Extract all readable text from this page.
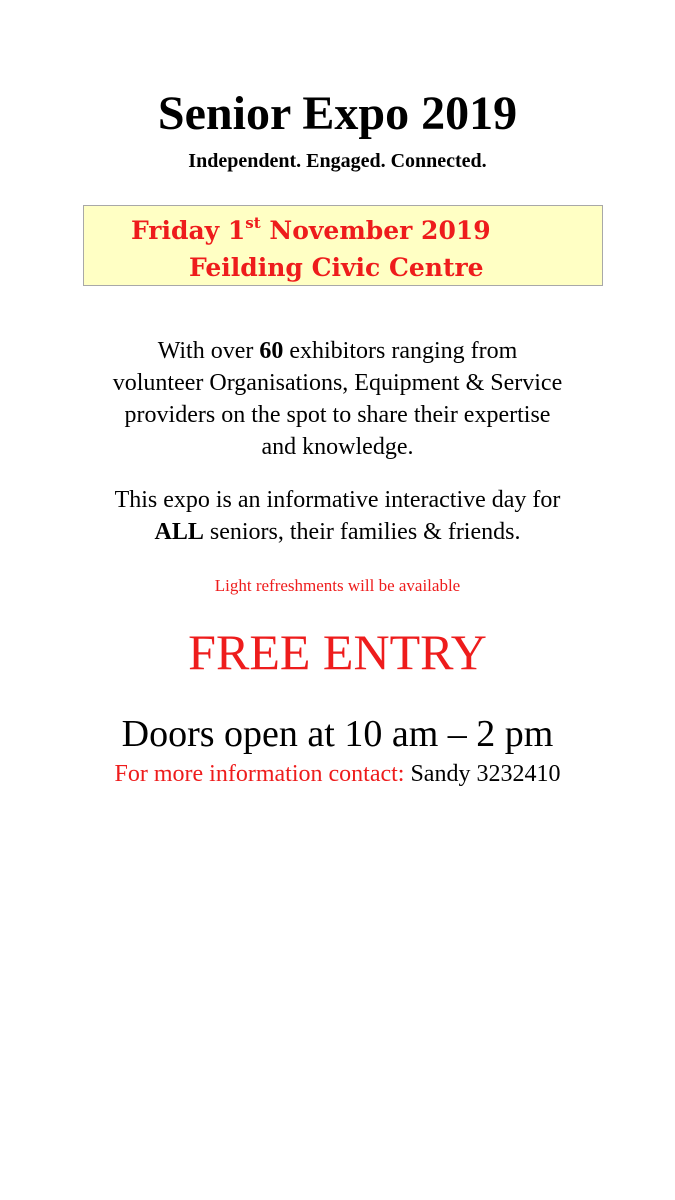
Senior Expo 2019
Independent. Engaged. Connected.
Friday 1st November 2019
Feilding Civic Centre
With over 60 exhibitors ranging from
volunteer Organisations, Equipment & Service
providers on the spot to share their expertise
and knowledge.
This expo is an informative interactive day for
ALL seniors, their families & friends.
Light refreshments will be available
FREE ENTRY
Doors open at 10 am – 2 pm
For more information contact: Sandy 3232410
